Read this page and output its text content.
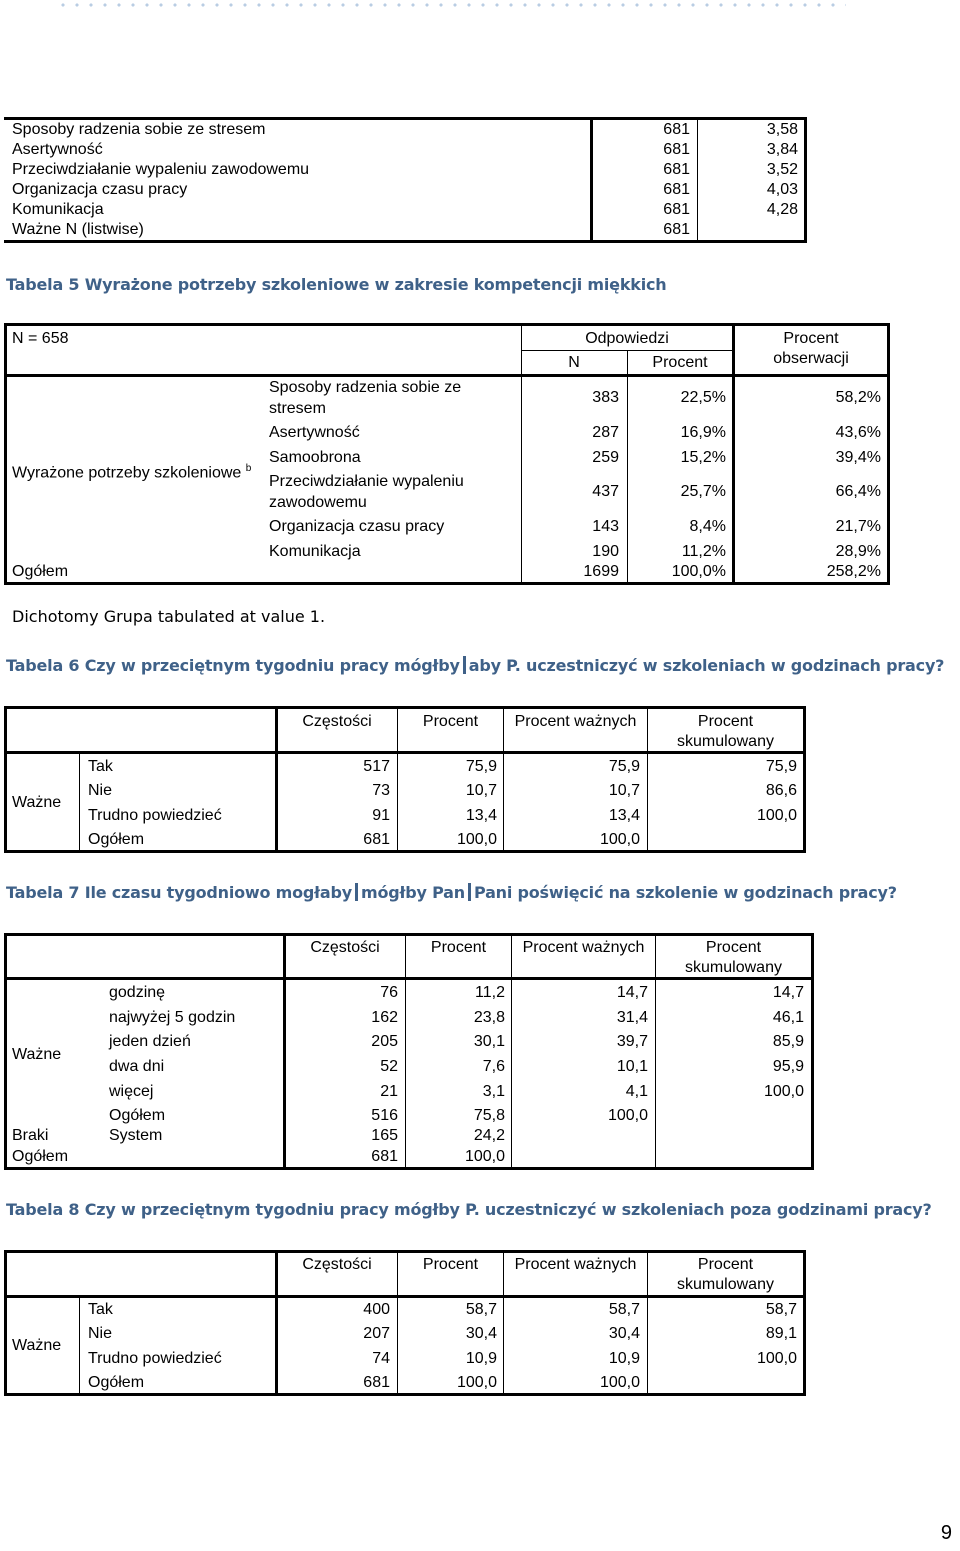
Sposoby radzenia sobie ze stresem	681	3,58
Asertywność	681	3,84
Przeciwdziałanie wypaleniu zawodowemu	681	3,52
Organizacja czasu pracy	681	4,03
Komunikacja	681	4,28
Ważne N (listwise)	681
Tabela 5 Wyrażone potrzeby szkoleniowe w zakresie kompetencji miękkich
N = 658	Odpowiedzi
N	Procent
Procent
obserwacji
Wyrażone potrzeby szkoleniowe $^b$
Sposoby radzenia sobie ze
stresem
383	22,5%	58,2%
Asertywność	287	16,9%	43,6%
Samoobrona	259	15,2%	39,4%
Przeciwdziałanie wypaleniu
zawodowemu
437	25,7%	66,4%
Organizacja czasu pracy	143	8,4%	21,7%
Komunikacja	190	11,2%	28,9%
Ogółem	1699	100,0%	258,2%
Dichotomy Grupa tabulated at value 1.
Tabela 6 Czy w przeciętnym tygodniu pracy mógłby aby P. uczestniczyć w szkoleniach w godzinach pracy?
Częstości	Procent	Procent ważnych	Procent
skumulowany
Ważne
Tak	517	75,9	75,9	75,9
Nie	73	10,7	10,7	86,6
Trudno powiedzieć	91	13,4	13,4	100,0
Ogółem	681	100,0	100,0
Tabela 7 Ile czasu tygodniowo mogłaby mógłby Pan Pani poświęcić na szkolenie w godzinach pracy?
Częstości	Procent	Procent ważnych	Procent
skumulowany
Ważne
godzinę	76	11,2	14,7	14,7
najwyżej 5 godzin	162	23,8	31,4	46,1
jeden dzień	205	30,1	39,7	85,9
dwa dni	52	7,6	10,1	95,9
więcej	21	3,1	4,1	100,0
Ogółem	516	75,8	100,0
Braki	System	165	24,2
Ogółem	681	100,0
Tabela 8 Czy w przeciętnym tygodniu pracy mógłby P. uczestniczyć w szkoleniach poza godzinami pracy?
Częstości	Procent	Procent ważnych	Procent
skumulowany
Ważne
Tak	400	58,7	58,7	58,7
Nie	207	30,4	30,4	89,1
Trudno powiedzieć	74	10,9	10,9	100,0
Ogółem	681	100,0	100,0
9
